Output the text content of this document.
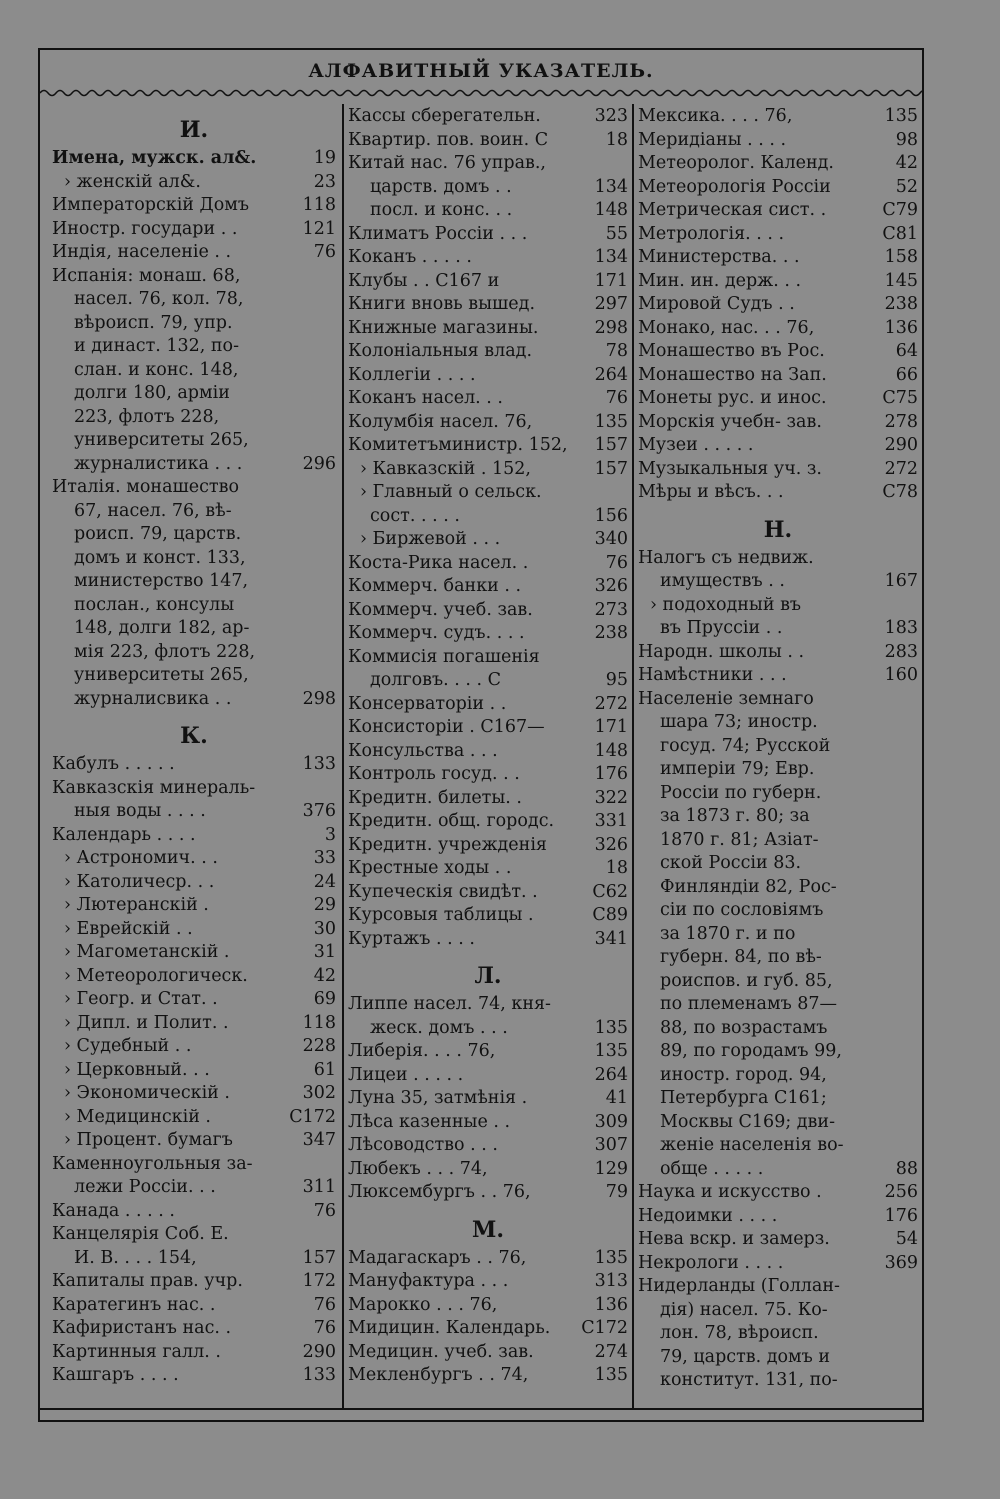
АЛФАВИТНЫЙ УКАЗАТЕЛЬ.
И.
Имена, мужск. ал&.	19
› женскій ал&.	23
Императорскій Домъ	118
Иностр. государи . .	121
Индія, населеніе . .	76
Испанія: монаш. 68,
насел. 76, кол. 78,
вѣроисп. 79, упр.
и династ. 132, по-
слан. и конс. 148,
долги 180, арміи
223, флотъ 228,
университеты 265,
журналистика . . .	296
Италія. монашество
67, насел. 76, вѣ-
роисп. 79, царств.
домъ и конст. 133,
министерство 147,
послан., консулы
148, долги 182, ар-
мія 223, флотъ 228,
университеты 265,
журналисвика . .	298
К.
Кабулъ . . . . .	133
Кавказскія минераль-
ныя воды . . . .	376
Календарь . . . .	3
› Астрономич. . .	33
› Католичеср. . .	24
› Лютеранскій .	29
› Еврейскій . .	30
› Магометанскій .	31
› Метеорологическ.	42
› Геогр. и Стат. .	69
› Дипл. и Полит. .	118
› Судебный . .	228
› Церковный. . .	61
› Экономическій .	302
› Медицинскій .	С172
› Процент. бумагъ	347
Каменноугольныя за-
лежи Россіи. . .	311
Канада . . . . .	76
Канцелярія Соб. Е.
И. В. . . . 154,	157
Капиталы прав. учр.	172
Каратегинъ нас. .	76
Кафиристанъ нас. .	76
Картинныя галл. .	290
Кашгаръ . . . .	133
Кассы сберегательн.	323
Квартир. пов. воин. С	18
Китай нас. 76 управ.,
царств. домъ . .	134
посл. и конс. . .	148
Климатъ Россіи . . .	55
Коканъ . . . . .	134
Клубы . . С167 и	171
Книги вновь вышед.	297
Книжные магазины.	298
Колоніальныя влад.	78
Коллегіи . . . .	264
Коканъ насел. . .	76
Колумбія насел. 76,	135
Комитетъминистр. 152,	157
› Кавказскій . 152,	157
› Главный о сельск.
сост. . . . .	156
› Биржевой . . .	340
Коста-Рика насел. .	76
Коммерч. банки . .	326
Коммерч. учеб. зав.	273
Коммерч. судъ. . . .	238
Коммисія погашенія
долговъ. . . . С	95
Консерваторіи . .	272
Консисторіи . С167—	171
Консульства . . .	148
Контроль госуд. . .	176
Кредитн. билеты. .	322
Кредитн. общ. городс.	331
Кредитн. учрежденія	326
Крестные ходы . .	18
Купеческія свидѣт. .	С62
Курсовыя таблицы .	С89
Куртажъ . . . .	341
Л.
Липпе насел. 74, кня-
жеск. домъ . . .	135
Либерія. . . . 76,	135
Лицеи . . . . .	264
Луна 35, затмѣнія .	41
Лѣса казенные . .	309
Лѣсоводство . . .	307
Любекъ . . . 74,	129
Люксембургъ . . 76,	79
М.
Мадагаскаръ . . 76,	135
Мануфактура . . .	313
Марокко . . . 76,	136
Мидицин. Календарь.	С172
Медицин. учеб. зав.	274
Мекленбургъ . . 74,	135
Мексика. . . . 76,	135
Меридіаны . . . .	98
Метеоролог. Календ.	42
Метеорологія Россіи	52
Метрическая сист. .	С79
Метрологія. . . .	С81
Министерства. . .	158
Мин. ин. держ. . .	145
Мировой Судъ . .	238
Монако, нас. . . 76,	136
Монашество въ Рос.	64
Монашество на Зап.	66
Монеты рус. и инос.	С75
Морскія учебн- зав.	278
Музеи . . . . .	290
Музыкальныя уч. з.	272
Мѣры и вѣсъ. . .	С78
Н.
Налогъ съ недвиж.
имуществъ . .	167
› подоходный въ
въ Пруссіи . .	183
Народн. школы . .	283
Намѣстники . . .	160
Населеніе земнаго
шара 73; иностр.
госуд. 74; Русской
имперіи 79; Евр.
Россіи по губерн.
за 1873 г. 80; за
1870 г. 81; Азіат-
ской Россіи 83.
Финляндіи 82, Рос-
сіи по сословіямъ
за 1870 г. и по
губерн. 84, по вѣ-
роиспов. и губ. 85,
по племенамъ 87—
88, по возрастамъ
89, по городамъ 99,
иностр. город. 94,
Петербурга С161;
Москвы С169; дви-
женіе населенія во-
обще . . . . .	88
Наука и искусство .	256
Недоимки . . . .	176
Нева вскр. и замерз.	54
Некрологи . . . .	369
Нидерланды (Голлан-
дія) насел. 75. Ко-
лон. 78, вѣроисп.
79, царств. домъ и
конститут. 131, по-
